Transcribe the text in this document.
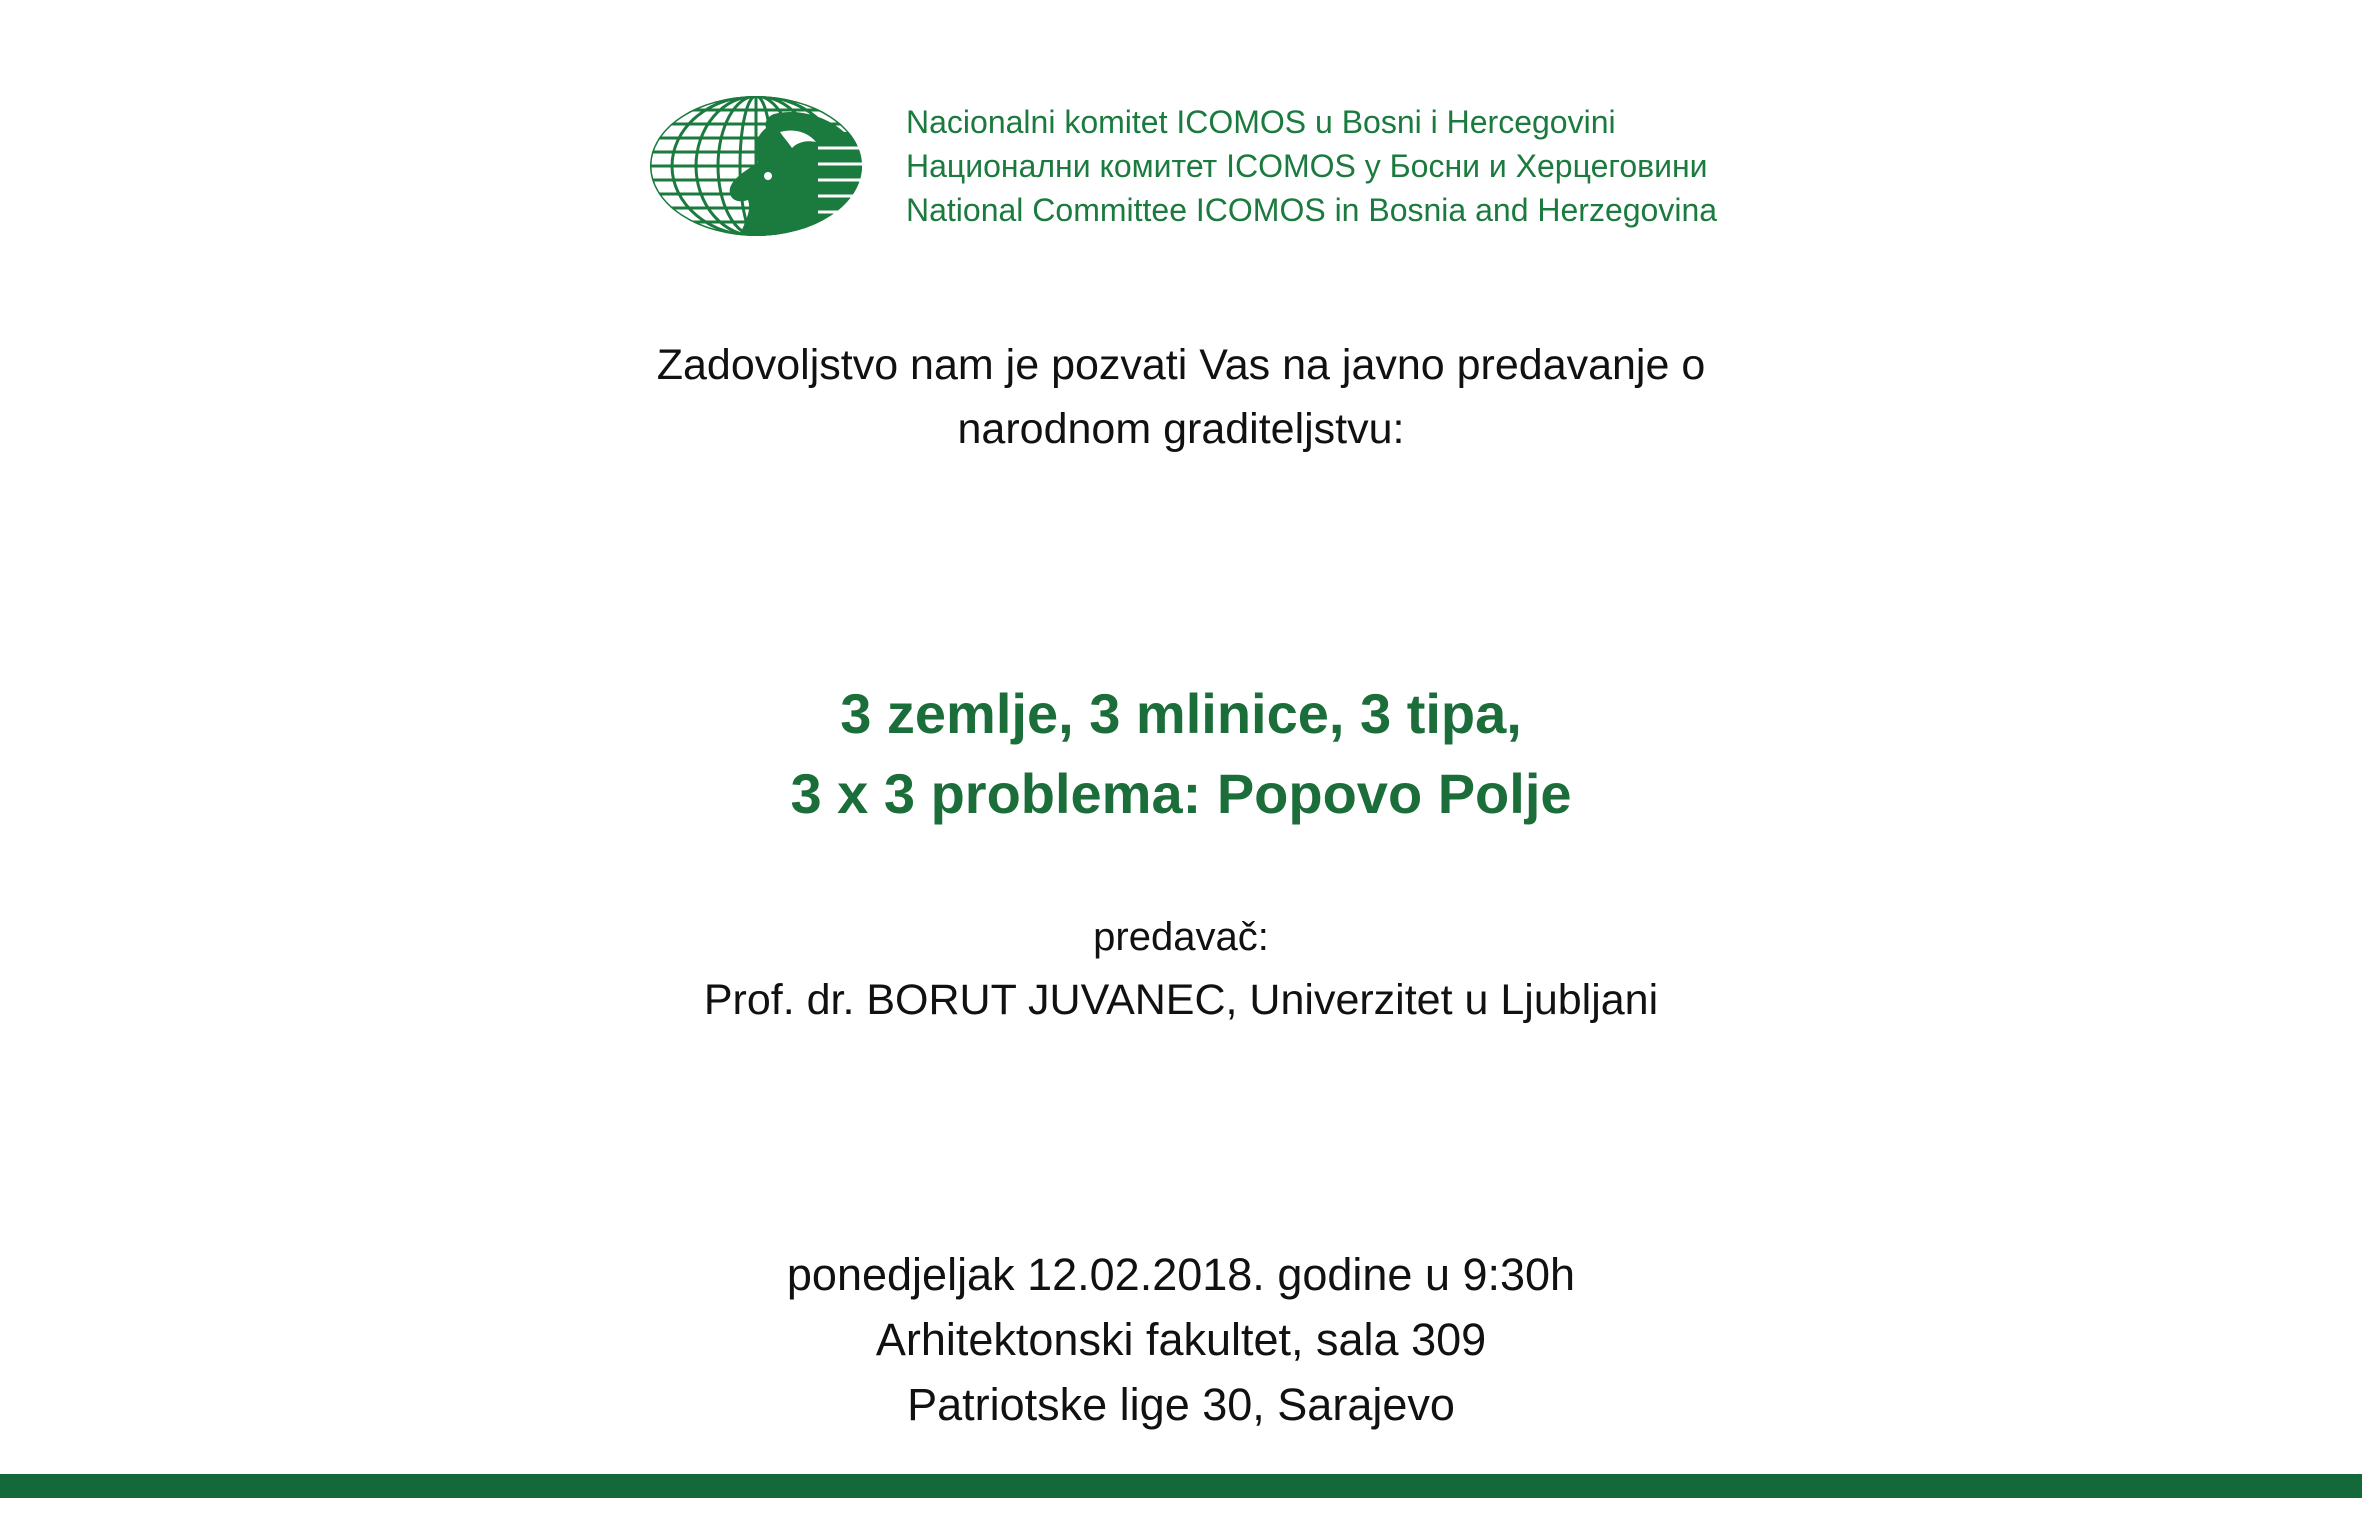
Nacionalni komitet ICOMOS u Bosni i Hercegovini
Национални комитет ICOMOS у Босни и Херцеговини
National Committee ICOMOS in Bosnia and Herzegovina
Zadovoljstvo nam je pozvati Vas na javno predavanje o
narodnom graditeljstvu:
3 zemlje, 3 mlinice, 3 tipa,
3 x 3 problema: Popovo Polje
predavač:
Prof. dr. BORUT JUVANEC, Univerzitet u Ljubljani
ponedjeljak 12.02.2018. godine u 9:30h
Arhitektonski fakultet, sala 309
Patriotske lige 30, Sarajevo
